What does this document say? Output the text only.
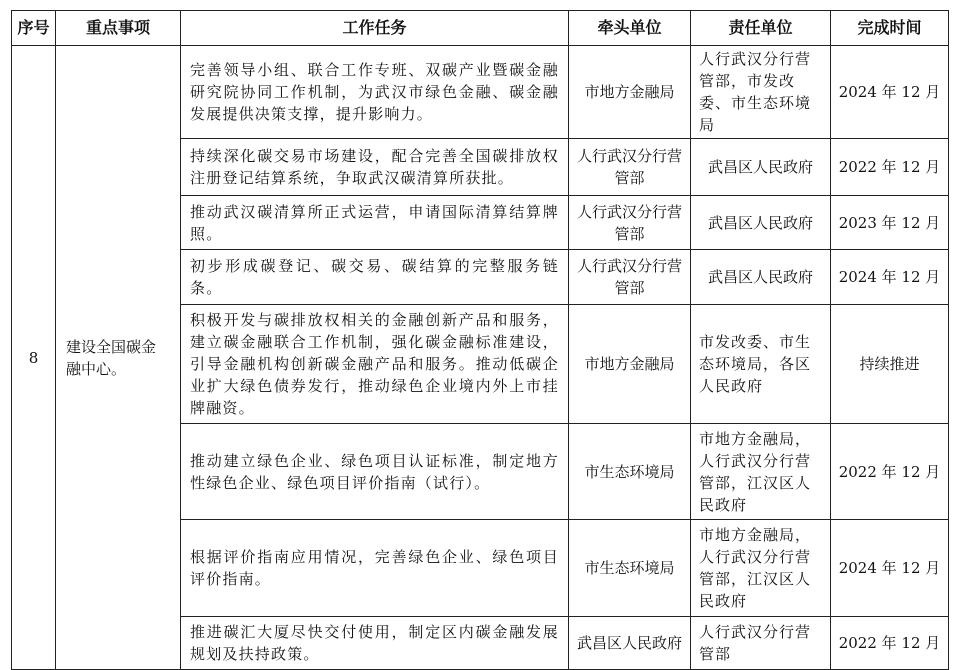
序号	重点事项	工作任务	牵头单位	责任单位	完成时间
8	建设全国碳金融中心。	完善领导小组、联合工作专班、双碳产业暨碳金融研究院协同工作机制，为武汉市绿色金融、碳金融发展提供决策支撑，提升影响力。	市地方金融局	人行武汉分行营管部，市发改委、市生态环境局	2024 年 12 月
		持续深化碳交易市场建设，配合完善全国碳排放权注册登记结算系统，争取武汉碳清算所获批。	人行武汉分行营管部	武昌区人民政府	2022 年 12 月
		推动武汉碳清算所正式运营，申请国际清算结算牌照。	人行武汉分行营管部	武昌区人民政府	2023 年 12 月
		初步形成碳登记、碳交易、碳结算的完整服务链条。	人行武汉分行营管部	武昌区人民政府	2024 年 12 月
		积极开发与碳排放权相关的金融创新产品和服务，建立碳金融联合工作机制，强化碳金融标准建设，引导金融机构创新碳金融产品和服务。推动低碳企业扩大绿色债券发行，推动绿色企业境内外上市挂牌融资。	市地方金融局	市发改委、市生态环境局，各区人民政府	持续推进
		推动建立绿色企业、绿色项目认证标准，制定地方性绿色企业、绿色项目评价指南（试行）。	市生态环境局	市地方金融局，人行武汉分行营管部，江汉区人民政府	2022 年 12 月
		根据评价指南应用情况，完善绿色企业、绿色项目评价指南。	市生态环境局	市地方金融局，人行武汉分行营管部，江汉区人民政府	2024 年 12 月
		推进碳汇大厦尽快交付使用，制定区内碳金融发展规划及扶持政策。	武昌区人民政府	人行武汉分行营管部	2022 年 12 月
